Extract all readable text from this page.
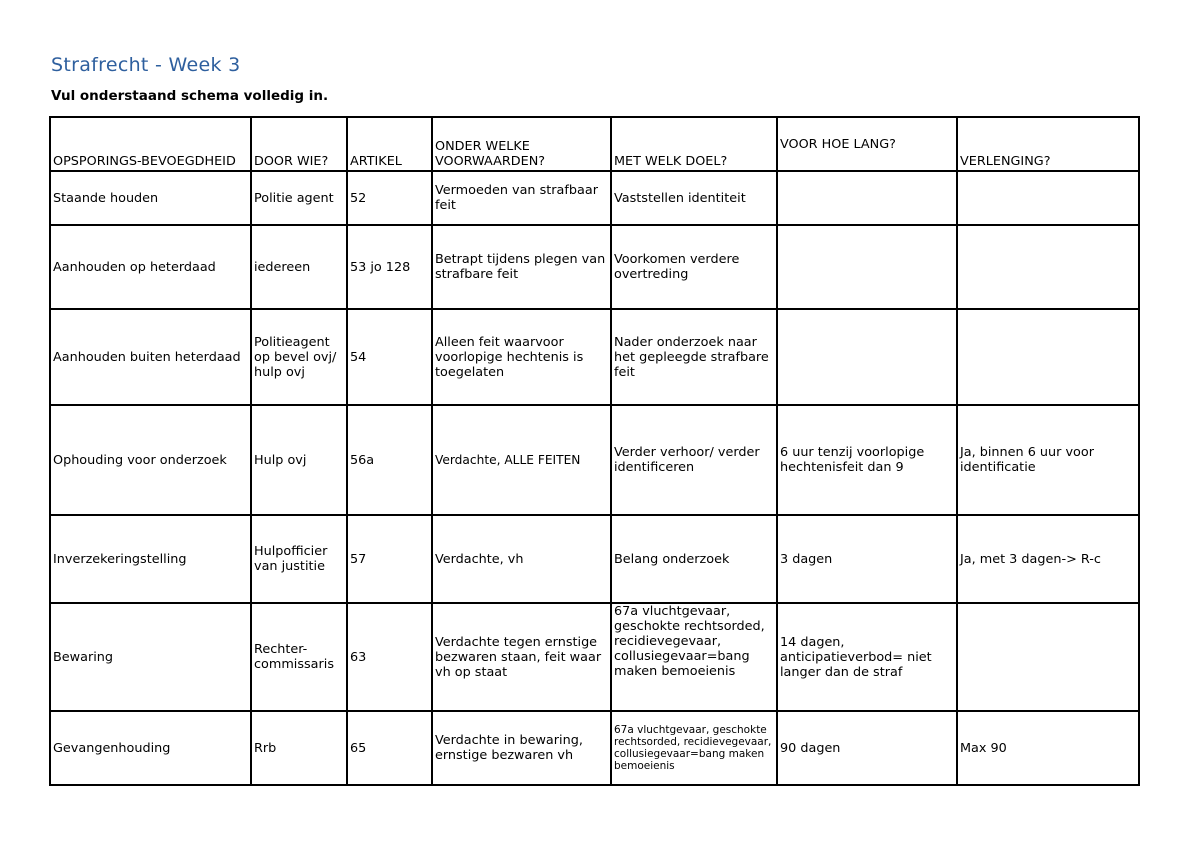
Strafrecht - Week 3
Vul onderstaand schema volledig in.
OPSPORINGS-BEVOEGDHEID	DOOR WIE?	ARTIKEL	ONDER WELKE VOORWAARDEN?	MET WELK DOEL?	VOOR HOE LANG?	VERLENGING?
Staande houden	Politie agent	52	Vermoeden van strafbaar feit	Vaststellen identiteit		
Aanhouden op heterdaad	iedereen	53 jo 128	Betrapt tijdens plegen van strafbare feit	Voorkomen verdere overtreding		
Aanhouden buiten heterdaad	Politieagent op bevel ovj/ hulp ovj	54	Alleen feit waarvoor voorlopige hechtenis is toegelaten	Nader onderzoek naar het gepleegde strafbare feit		
Ophouding voor onderzoek	Hulp ovj	56a	Verdachte, ALLE FEITEN	Verder verhoor/ verder identificeren	6 uur tenzij voorlopige hechtenisfeit dan 9	Ja, binnen 6 uur voor identificatie
Inverzekeringstelling	Hulpofficier van justitie	57	Verdachte, vh	Belang onderzoek	3 dagen	Ja, met 3 dagen-> R-c
Bewaring	Rechter-commissaris	63	Verdachte tegen ernstige bezwaren staan, feit waar vh op staat	67a vluchtgevaar, geschokte rechtsorded, recidievegevaar, collusiegevaar=bang maken bemoeienis	14 dagen, anticipatieverbod= niet langer dan de straf	
Gevangenhouding	Rrb	65	Verdachte in bewaring, ernstige bezwaren vh	67a vluchtgevaar, geschokte rechtsorded, recidievegevaar, collusiegevaar=bang maken bemoeienis	90 dagen	Max 90
